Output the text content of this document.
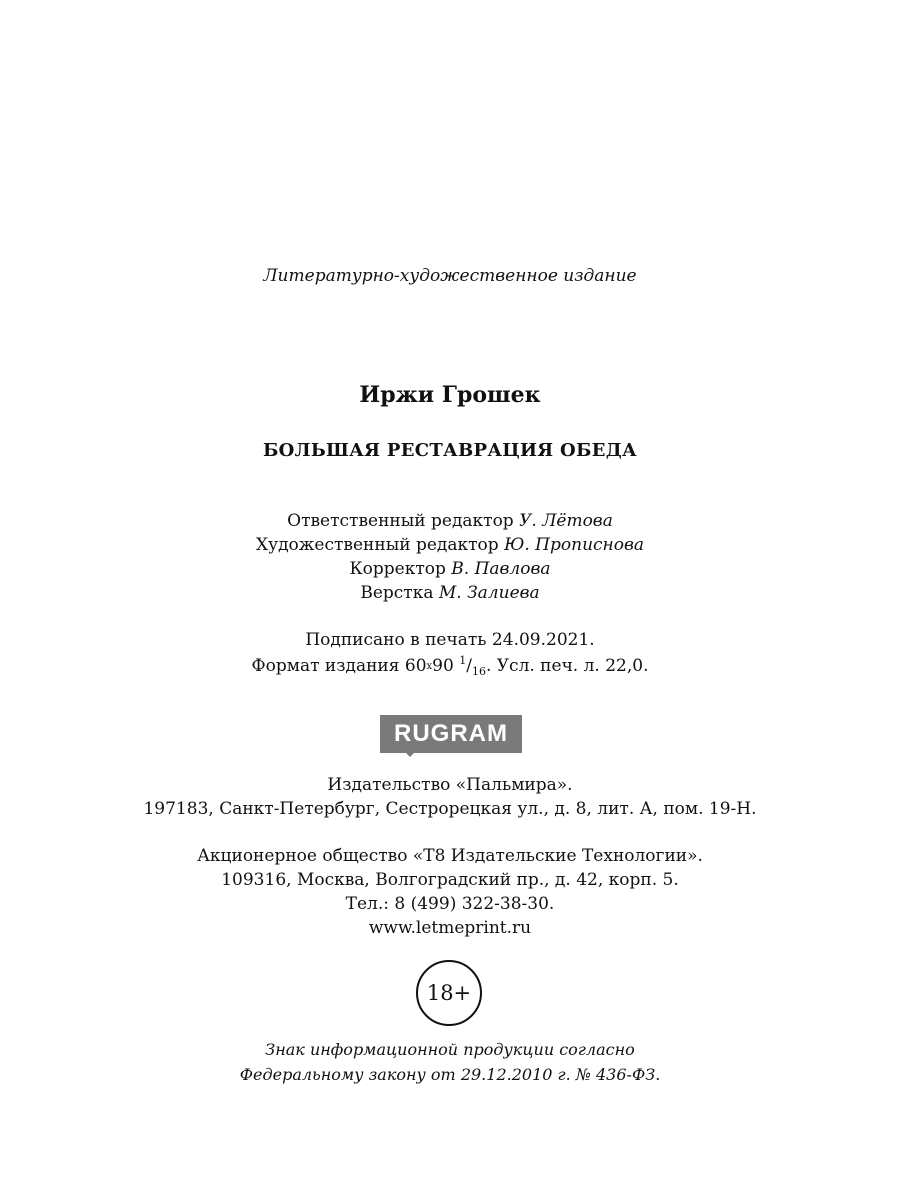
Литературно-художественное издание
Иржи Грошек
БОЛЬШАЯ РЕСТАВРАЦИЯ ОБЕДА
Ответственный редактор У. Лётова
Художественный редактор Ю. Прописнова
Корректор В. Павлова
Верстка М. Залиева
Подписано в печать 24.09.2021.
Формат издания 60x90 $^1/_{16}$. Усл. печ. л. 22,0.
RUGRAM
Издательство «Пальмира».
197183, Санкт-Петербург, Сестрорецкая ул., д. 8, лит. А, пом. 19-Н.
Акционерное общество «Т8 Издательские Технологии».
109316, Москва, Волгоградский пр., д. 42, корп. 5.
Тел.: 8 (499) 322-38-30.
www.letmeprint.ru
18+
Знак информационной продукции согласно
Федеральному закону от 29.12.2010 г. № 436-ФЗ.
